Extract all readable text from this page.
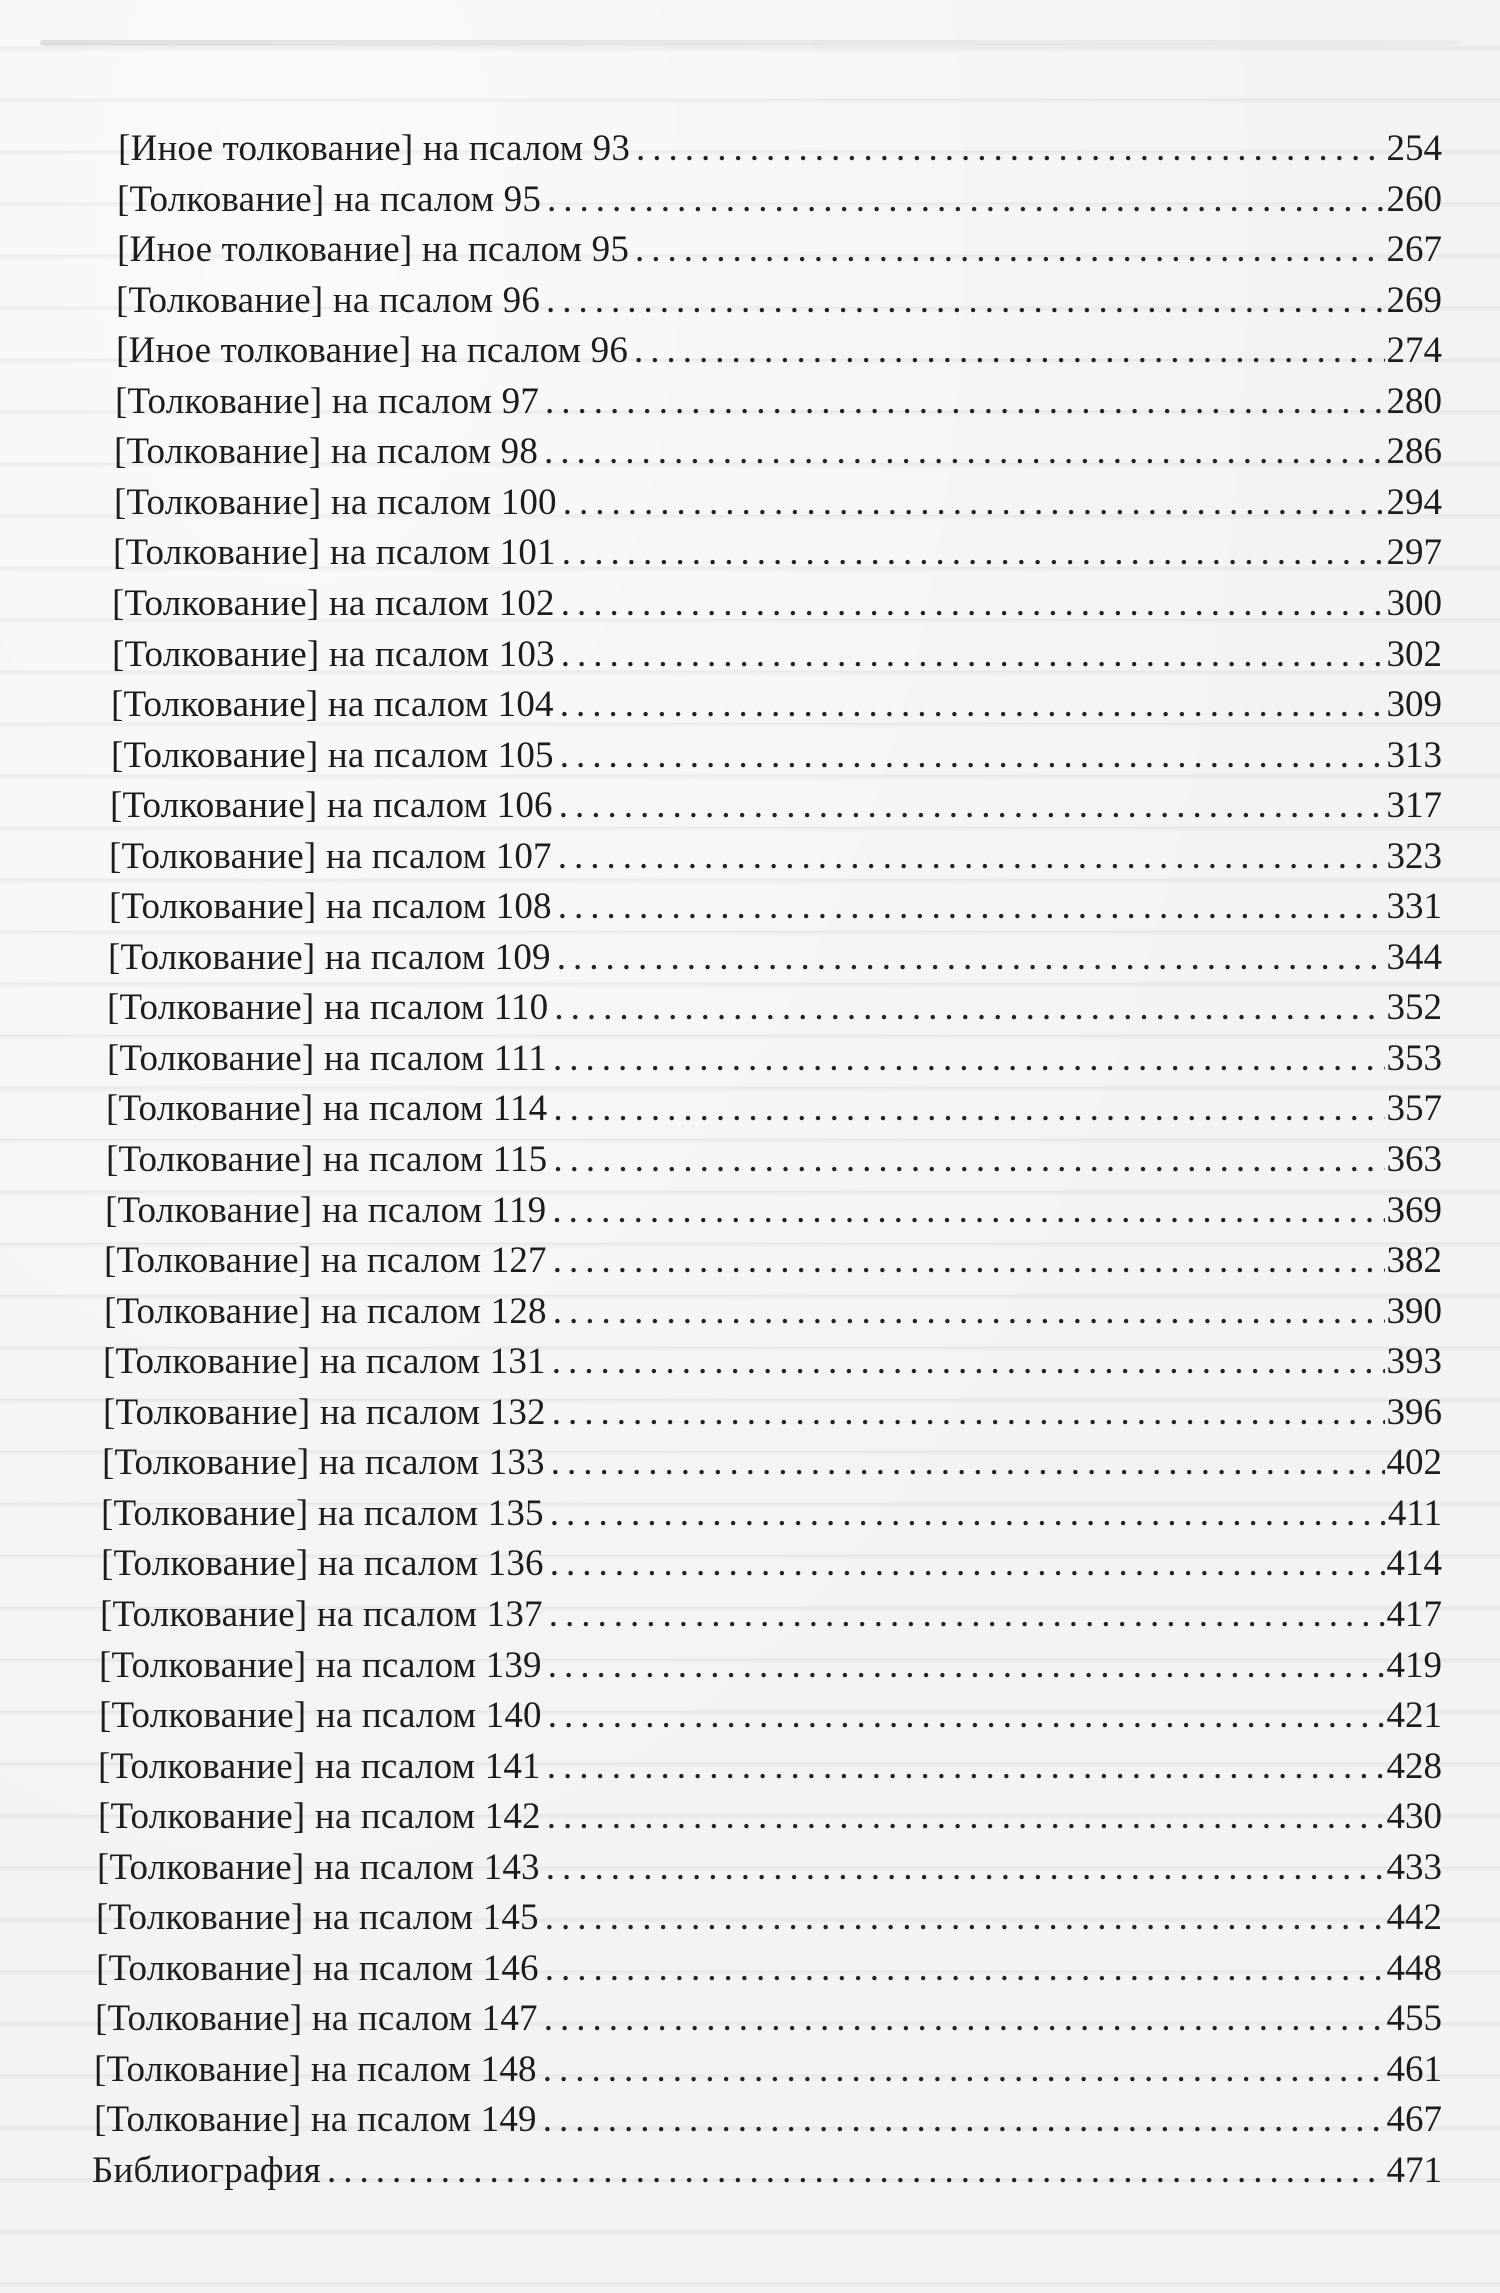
[Иное толкование] на псалом 93 .....	254
[Толкование] на псалом 95 .....	260
[Иное толкование] на псалом 95 .....	267
[Толкование] на псалом 96 .....	269
[Иное толкование] на псалом 96 .....	274
[Толкование] на псалом 97 .....	280
[Толкование] на псалом 98 .....	286
[Толкование] на псалом 100 .....	294
[Толкование] на псалом 101 .....	297
[Толкование] на псалом 102 .....	300
[Толкование] на псалом 103 .....	302
[Толкование] на псалом 104 .....	309
[Толкование] на псалом 105 .....	313
[Толкование] на псалом 106 .....	317
[Толкование] на псалом 107 .....	323
[Толкование] на псалом 108 .....	331
[Толкование] на псалом 109 .....	344
[Толкование] на псалом 110 .....	352
[Толкование] на псалом 111 .....	353
[Толкование] на псалом 114 .....	357
[Толкование] на псалом 115 .....	363
[Толкование] на псалом 119 .....	369
[Толкование] на псалом 127 .....	382
[Толкование] на псалом 128 .....	390
[Толкование] на псалом 131 .....	393
[Толкование] на псалом 132 .....	396
[Толкование] на псалом 133 .....	402
[Толкование] на псалом 135 .....	411
[Толкование] на псалом 136 .....	414
[Толкование] на псалом 137 .....	417
[Толкование] на псалом 139 .....	419
[Толкование] на псалом 140 .....	421
[Толкование] на псалом 141 .....	428
[Толкование] на псалом 142 .....	430
[Толкование] на псалом 143 .....	433
[Толкование] на псалом 145 .....	442
[Толкование] на псалом 146 .....	448
[Толкование] на псалом 147 .....	455
[Толкование] на псалом 148 .....	461
[Толкование] на псалом 149 .....	467
Библиография .....	471
